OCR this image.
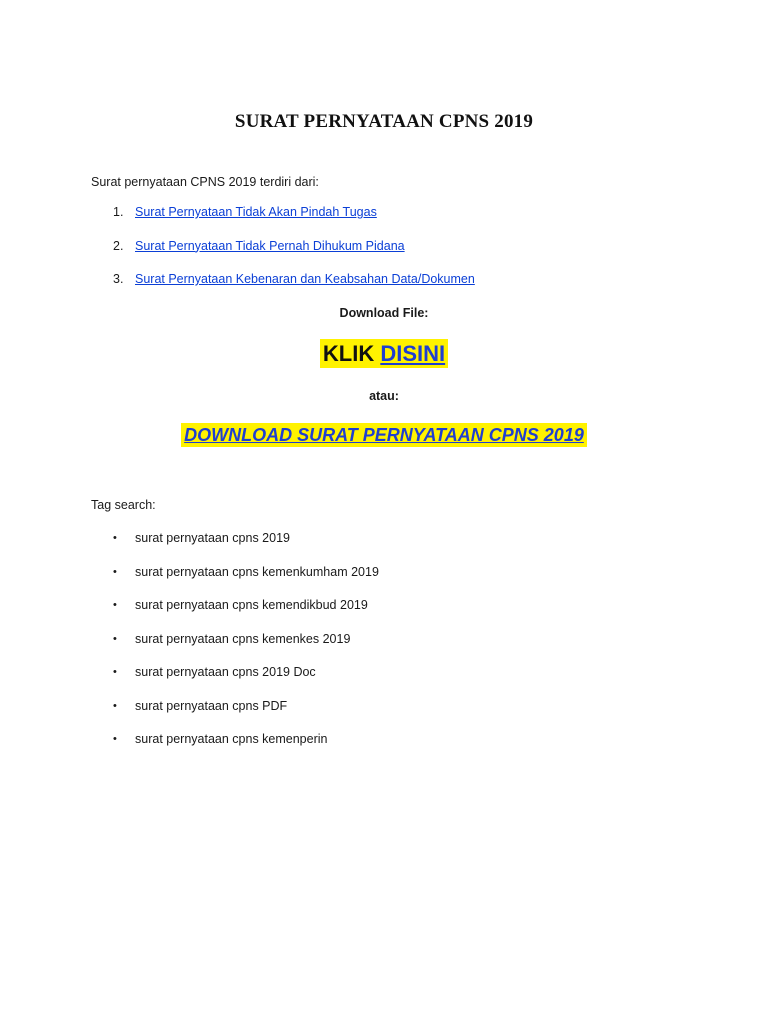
SURAT PERNYATAAN CPNS 2019
Surat pernyataan CPNS 2019 terdiri dari:
1. Surat Pernyataan Tidak Akan Pindah Tugas
2. Surat Pernyataan Tidak Pernah Dihukum Pidana
3. Surat Pernyataan Kebenaran dan Keabsahan Data/Dokumen
Download File:
KLIK DISINI
atau:
DOWNLOAD SURAT PERNYATAAN CPNS 2019
Tag search:
•	surat pernyataan cpns 2019
•	surat pernyataan cpns kemenkumham 2019
•	surat pernyataan cpns kemendikbud 2019
•	surat pernyataan cpns kemenkes 2019
•	surat pernyataan cpns 2019 Doc
•	surat pernyataan cpns PDF
•	surat pernyataan cpns kemenperin
